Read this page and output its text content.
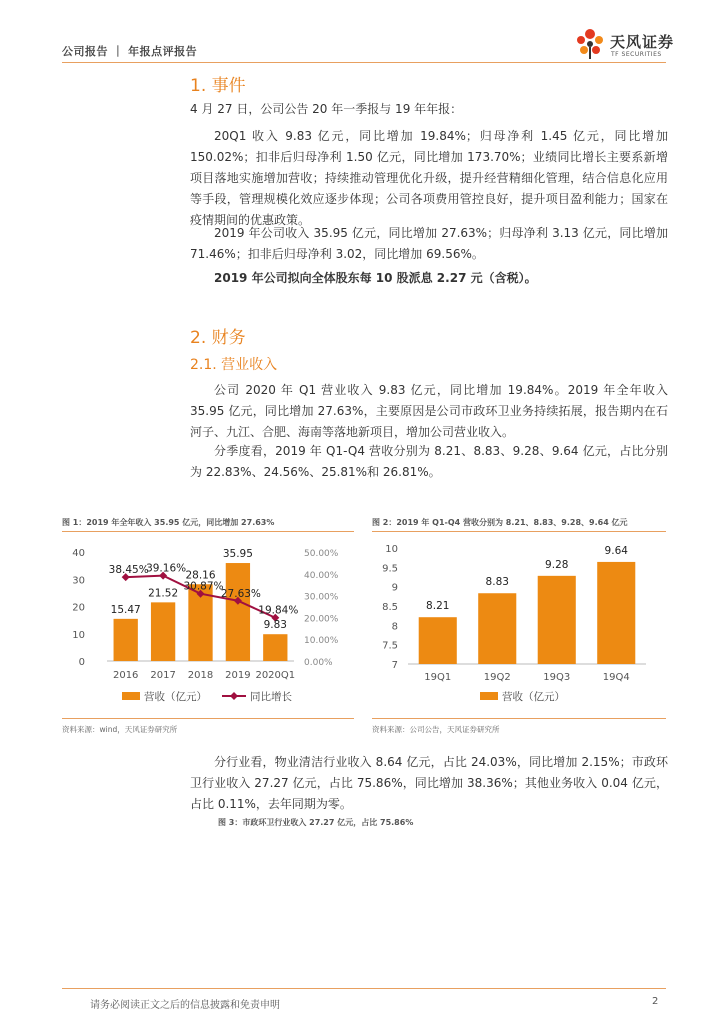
公司报告 ｜ 年报点评报告
天风证券
TF SECURITIES
1. 事件
4 月 27 日，公司公告 20 年一季报与 19 年年报：
20Q1 收入 9.83 亿元，同比增加 19.84%；归母净利 1.45 亿元，同比增加 150.02%；扣非后归母净利 1.50 亿元，同比增加 173.70%；业绩同比增长主要系新增项目落地实施增加营收；持续推动管理优化升级，提升经营精细化管理，结合信息化应用等手段，管理规模化效应逐步体现；公司各项费用管控良好，提升项目盈利能力；国家在疫情期间的优惠政策。
2019 年公司收入 35.95 亿元，同比增加 27.63%；归母净利 3.13 亿元，同比增加 71.46%；扣非后归母净利 3.02，同比增加 69.56%。
2019 年公司拟向全体股东每 10 股派息 2.27 元（含税）。
2. 财务
2.1. 营业收入
公司 2020 年 Q1 营业收入 9.83 亿元，同比增加 19.84%。2019 年全年收入 35.95 亿元，同比增加 27.63%，主要原因是公司市政环卫业务持续拓展，报告期内在石河子、九江、合肥、海南等落地新项目，增加公司营业收入。
分季度看，2019 年 Q1-Q4 营收分别为 8.21、8.83、9.28、9.64 亿元，占比分别为 22.83%、24.56%、25.81%和 26.81%。
图 1：2019 年全年收入 35.95 亿元，同比增加 27.63%
0
10
20
30
40
0.00%
10.00%
20.00%
30.00%
40.00%
50.00%
15.47
21.52
28.16
35.95
9.83
38.45%
39.16%
30.87%
27.63%
19.84%
2016 2017 2018 2019 2020Q1
营收（亿元）	同比增长
资料来源：wind，天风证券研究所
图 2：2019 年 Q1-Q4 营收分别为 8.21、8.83、9.28、9.64 亿元
7
7.5
8
8.5
9
9.5
10
8.21
8.83
9.28
9.64
19Q1	19Q2	19Q3	19Q4
营收（亿元）
资料来源：公司公告，天风证券研究所
分行业看，物业清洁行业收入 8.64 亿元，占比 24.03%，同比增加 2.15%；市政环卫行业收入 27.27 亿元，占比 75.86%，同比增加 38.36%；其他业务收入 0.04 亿元，占比 0.11%，去年同期为零。
图 3：市政环卫行业收入 27.27 亿元，占比 75.86%
请务必阅读正文之后的信息披露和免责申明	2
